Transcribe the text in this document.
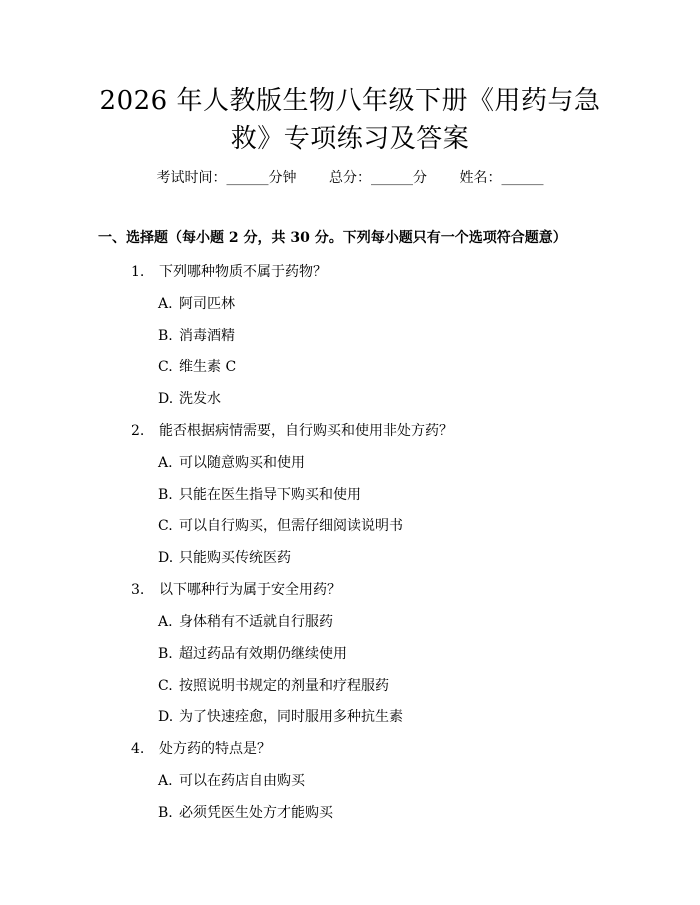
2026 年人教版生物八年级下册《用药与急
救》专项练习及答案
考试时间：______分钟 总分：______分 姓名：______
一、选择题（每小题 2 分，共 30 分。下列每小题只有一个选项符合题意）
1. 下列哪种物质不属于药物？
A. 阿司匹林
B. 消毒酒精
C. 维生素 C
D. 洗发水
2. 能否根据病情需要，自行购买和使用非处方药？
A. 可以随意购买和使用
B. 只能在医生指导下购买和使用
C. 可以自行购买，但需仔细阅读说明书
D. 只能购买传统医药
3. 以下哪种行为属于安全用药？
A. 身体稍有不适就自行服药
B. 超过药品有效期仍继续使用
C. 按照说明书规定的剂量和疗程服药
D. 为了快速痊愈，同时服用多种抗生素
4. 处方药的特点是？
A. 可以在药店自由购买
B. 必须凭医生处方才能购买
